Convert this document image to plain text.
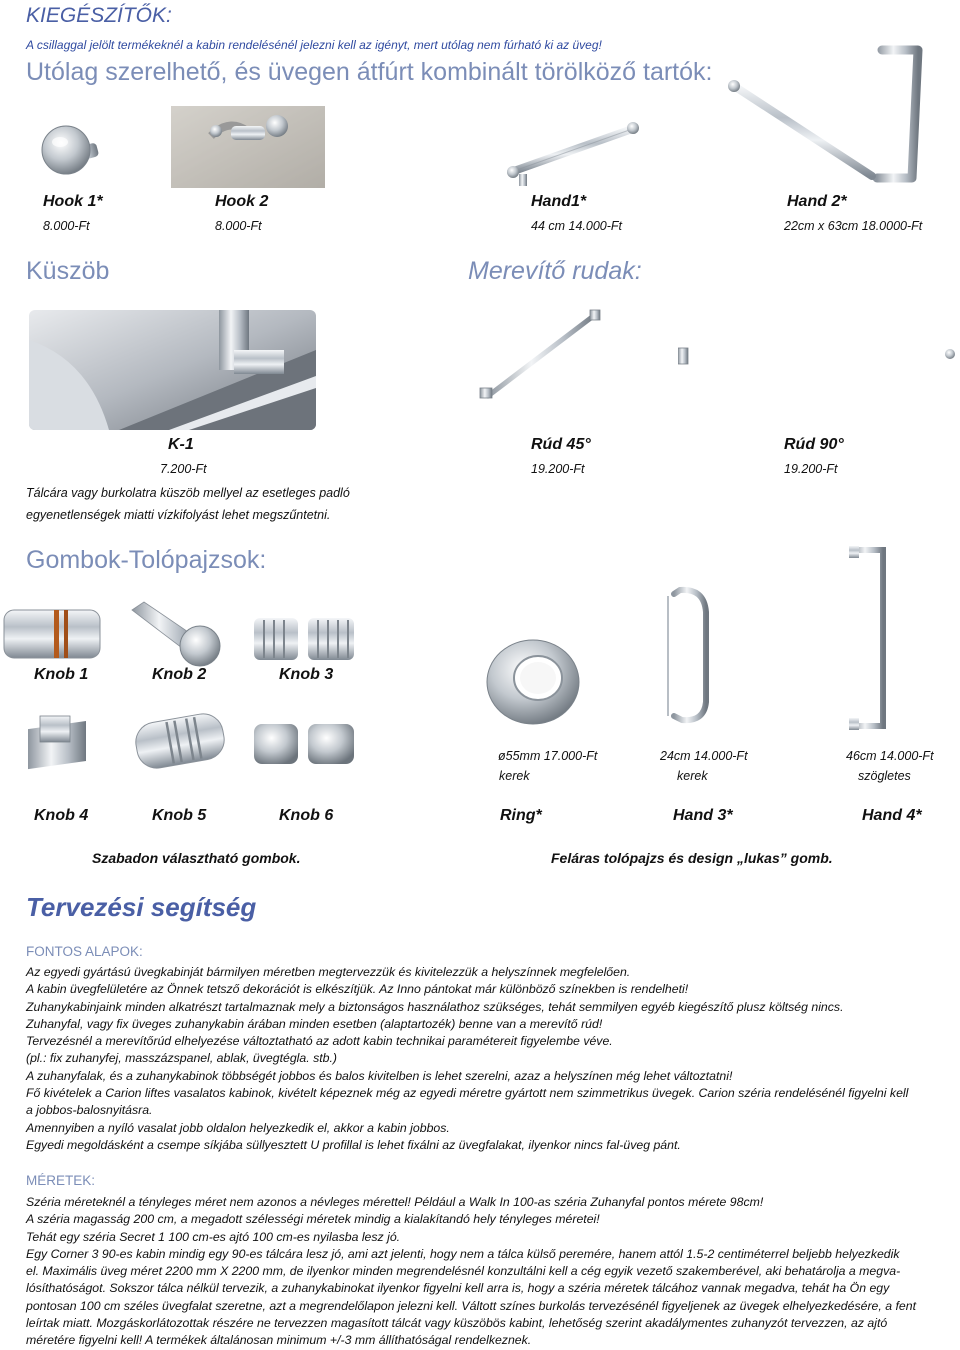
KIEGÉSZÍTŐK:
A csillaggal jelölt termékeknél a kabin rendelésénél jelezni kell az igényt, mert utólag nem fúrható ki az üveg!
Utólag szerelhető, és üvegen átfúrt kombinált törölköző tartók:
Hook 1*
8.000-Ft
Hook 2
8.000-Ft
Hand1*
44 cm 14.000-Ft
Hand 2*
22cm x 63cm 18.0000-Ft
Küszöb	Merevítő rudak:
K-1
7.200-Ft
Rúd 45°
19.200-Ft
Rúd 90°
19.200-Ft
Tálcára vagy burkolatra küszöb mellyel az esetleges padló
egyenetlenségek miatti vízkifolyást lehet megszűntetni.
Gombok-Tolópajzsok:
Knob 1	Knob 2	Knob 3
ø55mm 17.000-Ft	24cm 14.000-Ft	46cm 14.000-Ft
kerek	kerek	szögletes
Knob 4	Knob 5	Knob 6	Ring*	Hand 3*	Hand 4*
Szabadon választható gombok.	Feláras tolópajzs és design „lukas” gomb.
Tervezési segítség
FONTOS ALAPOK:
Az egyedi gyártású üvegkabinját bármilyen méretben megtervezzük és kivitelezzük a helyszínnek megfelelően.
A kabin üvegfelületére az Önnek tetsző dekorációt is elkészítjük. Az Inno pántokat már különböző színekben is rendelheti!
Zuhanykabinjaink minden alkatrészt tartalmaznak mely a biztonságos használathoz szükséges, tehát semmilyen egyéb kiegészítő plusz költség nincs.
Zuhanyfal, vagy fix üveges zuhanykabin árában minden esetben (alaptartozék) benne van a merevítő rúd!
Tervezésnél a merevítőrúd elhelyezése változtatható az adott kabin technikai paramétereit figyelembe véve.
(pl.: fix zuhanyfej, masszázspanel, ablak, üvegtégla. stb.)
A zuhanyfalak, és a zuhanykabinok többségét jobbos és balos kivitelben is lehet szerelni, azaz a helyszínen még lehet változtatni!
Fő kivételek a Carion liftes vasalatos kabinok, kivételt képeznek még az egyedi méretre gyártott nem szimmetrikus üvegek. Carion széria rendelésénél figyelni kell
a jobbos-balosnyitásra.
Amennyiben a nyíló vasalat jobb oldalon helyezkedik el, akkor a kabin jobbos.
Egyedi megoldásként a csempe síkjába süllyesztett U profillal is lehet fixálni az üvegfalakat, ilyenkor nincs fal-üveg pánt.
MÉRETEK:
Széria méreteknél a tényleges méret nem azonos a névleges mérettel! Például a Walk In 100-as széria Zuhanyfal pontos mérete 98cm!
A széria magasság 200 cm, a megadott szélességi méretek mindig a kialakítandó hely tényleges méretei!
Tehát egy széria Secret 1 100 cm-es ajtó 100 cm-es nyilasba lesz jó.
Egy Corner 3 90-es kabin mindig egy 90-es tálcára lesz jó, ami azt jelenti, hogy nem a tálca külső peremére, hanem attól 1.5-2 centiméterrel beljebb helyezkedik
el. Maximális üveg méret 2200 mm X 2200 mm, de ilyenkor minden megrendelésnél konzultálni kell a cég egyik vezető szakemberével, aki behatárolja a megva-
lósíthatóságot. Sokszor tálca nélkül tervezik, a zuhanykabinokat ilyenkor figyelni kell arra is, hogy a széria méretek tálcához vannak megadva, tehát ha Ön egy
pontosan 100 cm széles üvegfalat szeretne, azt a megrendelőlapon jelezni kell. Váltott színes burkolás tervezésénél figyeljenek az üvegek elhelyezkedésére, a fent
leírtak miatt. Mozgáskorlátozottak részére ne tervezzen magasított tálcát vagy küszöbös kabint, lehetőség szerint akadálymentes zuhanyzót tervezzen, az ajtó
méretére figyelni kell! A termékek általánosan minimum +/-3 mm állíthatóságal rendelkeznek.
